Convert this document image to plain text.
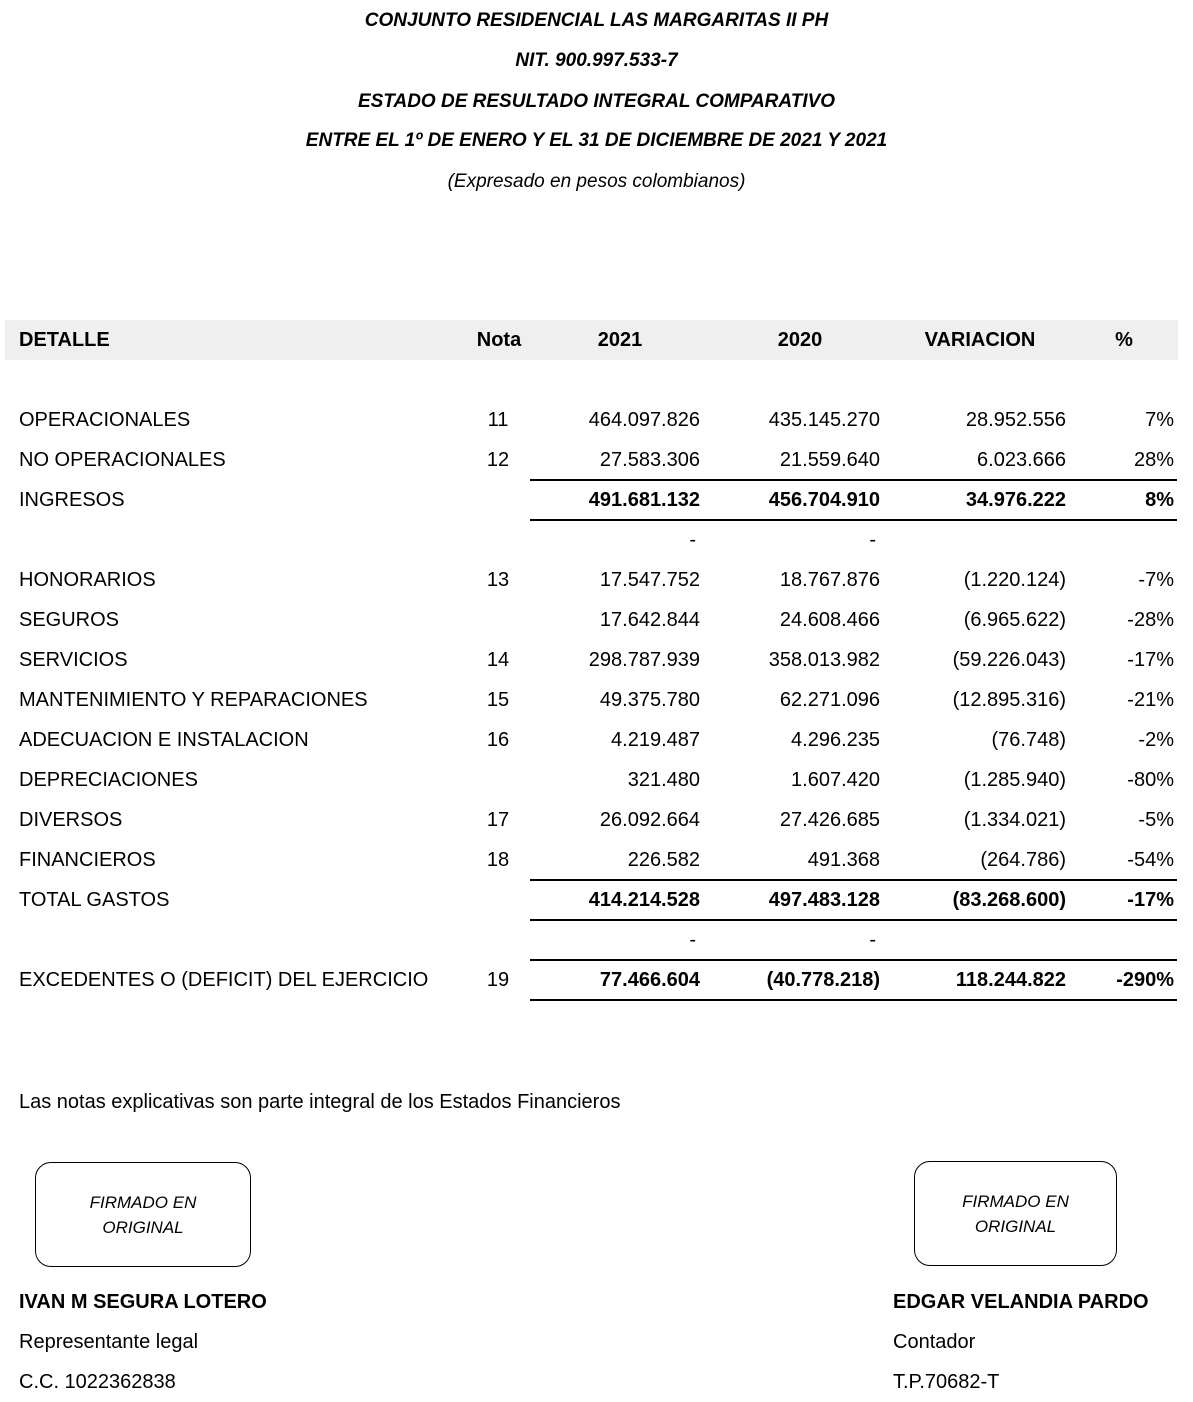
CONJUNTO RESIDENCIAL LAS MARGARITAS II PH
NIT. 900.997.533-7
ESTADO DE RESULTADO INTEGRAL COMPARATIVO
ENTRE EL 1º DE ENERO Y EL 31 DE DICIEMBRE DE 2021 Y 2021
(Expresado en pesos colombianos)
DETALLE	Nota	2021	2020	VARIACION	%
OPERACIONALES	11	464.097.826	435.145.270	28.952.556	7%
NO OPERACIONALES	12	27.583.306	21.559.640	6.023.666	28%
INGRESOS	491.681.132	456.704.910	34.976.222	8%
-	-
HONORARIOS	13	17.547.752	18.767.876	(1.220.124)	-7%
SEGUROS	17.642.844	24.608.466	(6.965.622)	-28%
SERVICIOS	14	298.787.939	358.013.982	(59.226.043)	-17%
MANTENIMIENTO Y REPARACIONES	15	49.375.780	62.271.096	(12.895.316)	-21%
ADECUACION E INSTALACION	16	4.219.487	4.296.235	(76.748)	-2%
DEPRECIACIONES	321.480	1.607.420	(1.285.940)	-80%
DIVERSOS	17	26.092.664	27.426.685	(1.334.021)	-5%
FINANCIEROS	18	226.582	491.368	(264.786)	-54%
TOTAL GASTOS	414.214.528	497.483.128	(83.268.600)	-17%
-	-
EXCEDENTES O (DEFICIT) DEL EJERCICIO	19	77.466.604	(40.778.218)	118.244.822	-290%
Las notas explicativas son parte integral de los Estados Financieros
FIRMADO EN
ORIGINAL
IVAN M SEGURA LOTERO
Representante legal
C.C. 1022362838
FIRMADO EN
ORIGINAL
EDGAR VELANDIA PARDO
Contador
T.P.70682-T
